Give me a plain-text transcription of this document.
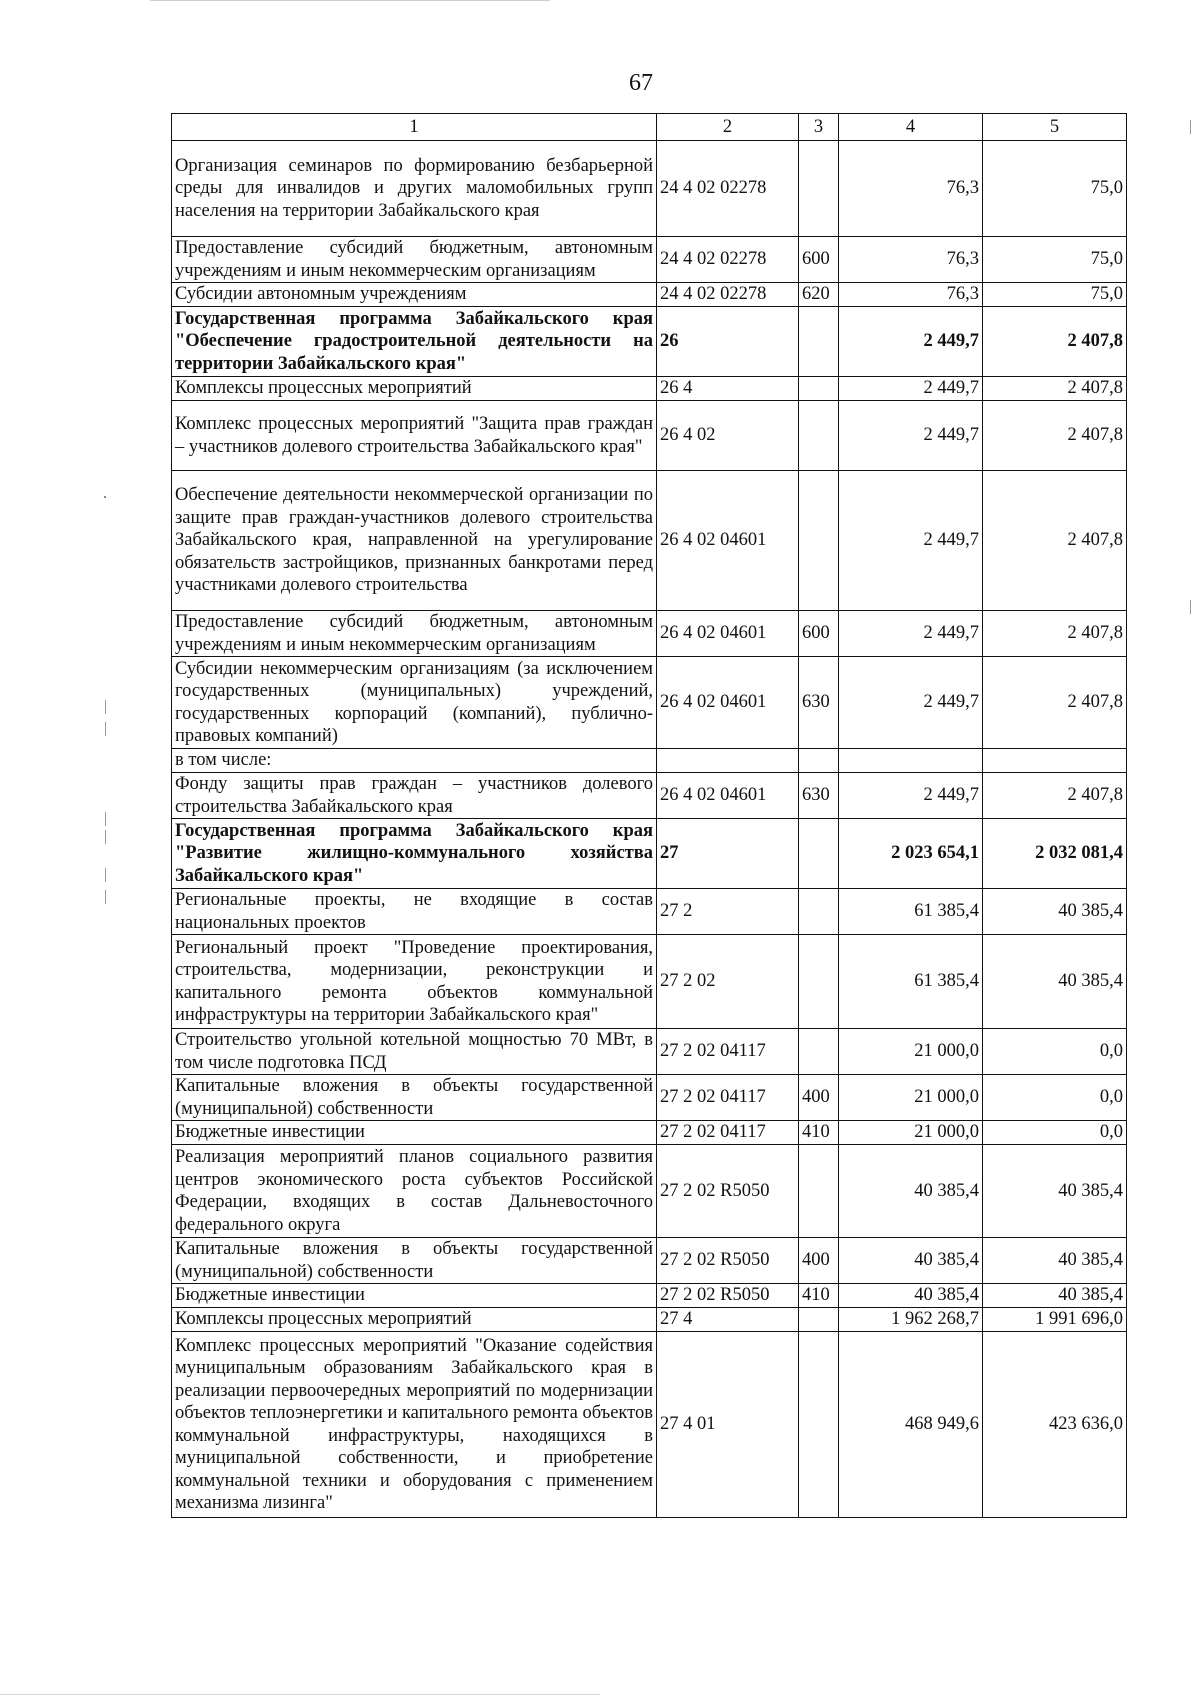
67
1	2	3	4	5
Организация семинаров по формированию безбарьерной среды для инвалидов и других маломобильных групп населения на территории Забайкальского края	24 4 02 02278		76,3	75,0
Предоставление субсидий бюджетным, автономным учреждениям и иным некоммерческим организациям	24 4 02 02278	600	76,3	75,0
Субсидии автономным учреждениям	24 4 02 02278	620	76,3	75,0
Государственная программа Забайкальского края "Обеспечение градостроительной деятельности на территории Забайкальского края"	26		2 449,7	2 407,8
Комплексы процессных мероприятий	26 4		2 449,7	2 407,8
Комплекс процессных мероприятий "Защита прав граждан – участников долевого строительства Забайкальского края"	26 4 02		2 449,7	2 407,8
Обеспечение деятельности некоммерческой организации по защите прав граждан-участников долевого строительства Забайкальского края, направленной на урегулирование обязательств застройщиков, признанных банкротами перед участниками долевого строительства	26 4 02 04601		2 449,7	2 407,8
Предоставление субсидий бюджетным, автономным учреждениям и иным некоммерческим организациям	26 4 02 04601	600	2 449,7	2 407,8
Субсидии некоммерческим организациям (за исключением государственных (муниципальных) учреждений, государственных корпораций (компаний), публично-правовых компаний)	26 4 02 04601	630	2 449,7	2 407,8
в том числе:				
Фонду защиты прав граждан – участников долевого строительства Забайкальского края	26 4 02 04601	630	2 449,7	2 407,8
Государственная программа Забайкальского края "Развитие жилищно-коммунального хозяйства Забайкальского края"	27		2 023 654,1	2 032 081,4
Региональные проекты, не входящие в состав национальных проектов	27 2		61 385,4	40 385,4
Региональный проект "Проведение проектирования, строительства, модернизации, реконструкции и капитального ремонта объектов коммунальной инфраструктуры на территории Забайкальского края"	27 2 02		61 385,4	40 385,4
Строительство угольной котельной мощностью 70 МВт, в том числе подготовка ПСД	27 2 02 04117		21 000,0	0,0
Капитальные вложения в объекты государственной (муниципальной) собственности	27 2 02 04117	400	21 000,0	0,0
Бюджетные инвестиции	27 2 02 04117	410	21 000,0	0,0
Реализация мероприятий планов социального развития центров экономического роста субъектов Российской Федерации, входящих в состав Дальневосточного федерального округа	27 2 02 R5050		40 385,4	40 385,4
Капитальные вложения в объекты государственной (муниципальной) собственности	27 2 02 R5050	400	40 385,4	40 385,4
Бюджетные инвестиции	27 2 02 R5050	410	40 385,4	40 385,4
Комплексы процессных мероприятий	27 4		1 962 268,7	1 991 696,0
Комплекс процессных мероприятий "Оказание содействия муниципальным образованиям Забайкальского края в реализации первоочередных мероприятий по модернизации объектов теплоэнергетики и капитального ремонта объектов коммунальной инфраструктуры, находящихся в муниципальной собственности, и приобретение коммунальной техники и оборудования с применением механизма лизинга"	27 4 01		468 949,6	423 636,0
